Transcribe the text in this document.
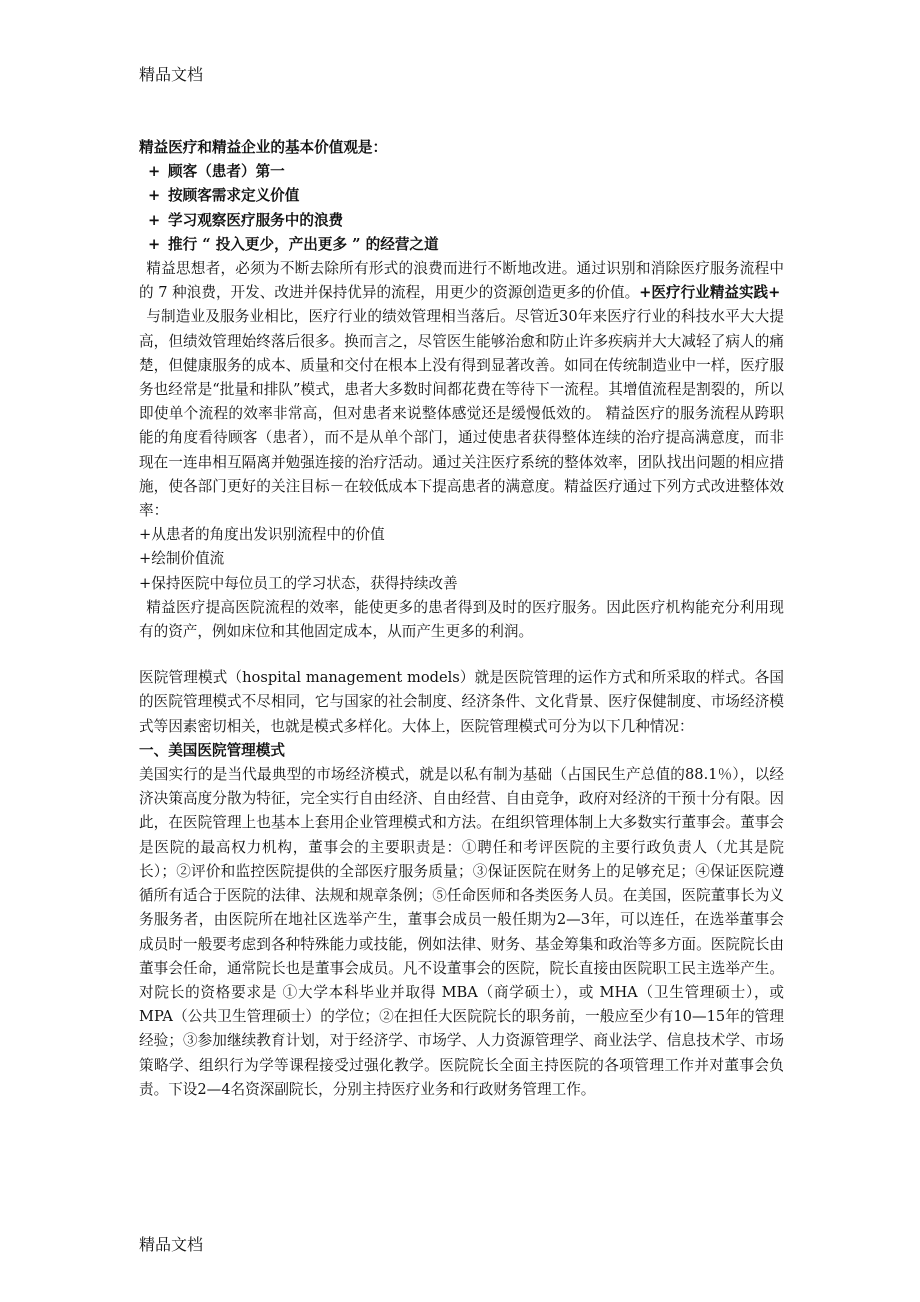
精品文档

精益医疗和精益企业的基本价值观是：

+ 顾客（患者）第一
+ 按顾客需求定义价值
+ 学习观察医疗服务中的浪费
+ 推行 “ 投入更少，产出更多 ” 的经营之道

精益思想者，必须为不断去除所有形式的浪费而进行不断地改进。通过识别和消除医疗服务流程中的 7 种浪费，开发、改进并保持优异的流程，用更少的资源创造更多的价值。+医疗行业精益实践+

与制造业及服务业相比，医疗行业的绩效管理相当落后。尽管近30年来医疗行业的科技水平大大提高，但绩效管理始终落后很多。换而言之，尽管医生能够治愈和防止许多疾病并大大减轻了病人的痛楚，但健康服务的成本、质量和交付在根本上没有得到显著改善。如同在传统制造业中一样，医疗服务也经常是“批量和排队”模式，患者大多数时间都花费在等待下一流程。其增值流程是割裂的，所以即使单个流程的效率非常高，但对患者来说整体感觉还是缓慢低效的。 精益医疗的服务流程从跨职能的角度看待顾客（患者），而不是从单个部门，通过使患者获得整体连续的治疗提高满意度，而非现在一连串相互隔离并勉强连接的治疗活动。通过关注医疗系统的整体效率，团队找出问题的相应措施，使各部门更好的关注目标－在较低成本下提高患者的满意度。精益医疗通过下列方式改进整体效率：

+从患者的角度出发识别流程中的价值

+绘制价值流

+保持医院中每位员工的学习状态，获得持续改善

精益医疗提高医院流程的效率，能使更多的患者得到及时的医疗服务。因此医疗机构能充分利用现有的资产，例如床位和其他固定成本，从而产生更多的利润。

医院管理模式（hospital management models）就是医院管理的运作方式和所采取的样式。各国的医院管理模式不尽相同，它与国家的社会制度、经济条件、文化背景、医疗保健制度、市场经济模式等因素密切相关，也就是模式多样化。大体上，医院管理模式可分为以下几种情况：

一、美国医院管理模式

美国实行的是当代最典型的市场经济模式，就是以私有制为基础（占国民生产总值的88.1％），以经济决策高度分散为特征，完全实行自由经济、自由经营、自由竞争，政府对经济的干预十分有限。因此，在医院管理上也基本上套用企业管理模式和方法。在组织管理体制上大多数实行董事会。董事会是医院的最高权力机构，董事会的主要职责是：①聘任和考评医院的主要行政负责人（尤其是院长）；②评价和监控医院提供的全部医疗服务质量；③保证医院在财务上的足够充足；④保证医院遵循所有适合于医院的法律、法规和规章条例；⑤任命医师和各类医务人员。在美国，医院董事长为义务服务者，由医院所在地社区选举产生，董事会成员一般任期为2—3年，可以连任，在选举董事会成员时一般要考虑到各种特殊能力或技能，例如法律、财务、基金筹集和政治等多方面。医院院长由董事会任命，通常院长也是董事会成员。凡不设董事会的医院，院长直接由医院职工民主选举产生。对院长的资格要求是 ①大学本科毕业并取得 MBA（商学硕士），或 MHA（卫生管理硕士），或 MPA（公共卫生管理硕士）的学位；②在担任大医院院长的职务前，一般应至少有10—15年的管理经验；③参加继续教育计划，对于经济学、市场学、人力资源管理学、商业法学、信息技术学、市场策略学、组织行为学等课程接受过强化教学。医院院长全面主持医院的各项管理工作并对董事会负责。下设2—4名资深副院长，分别主持医疗业务和行政财务管理工作。

精品文档
